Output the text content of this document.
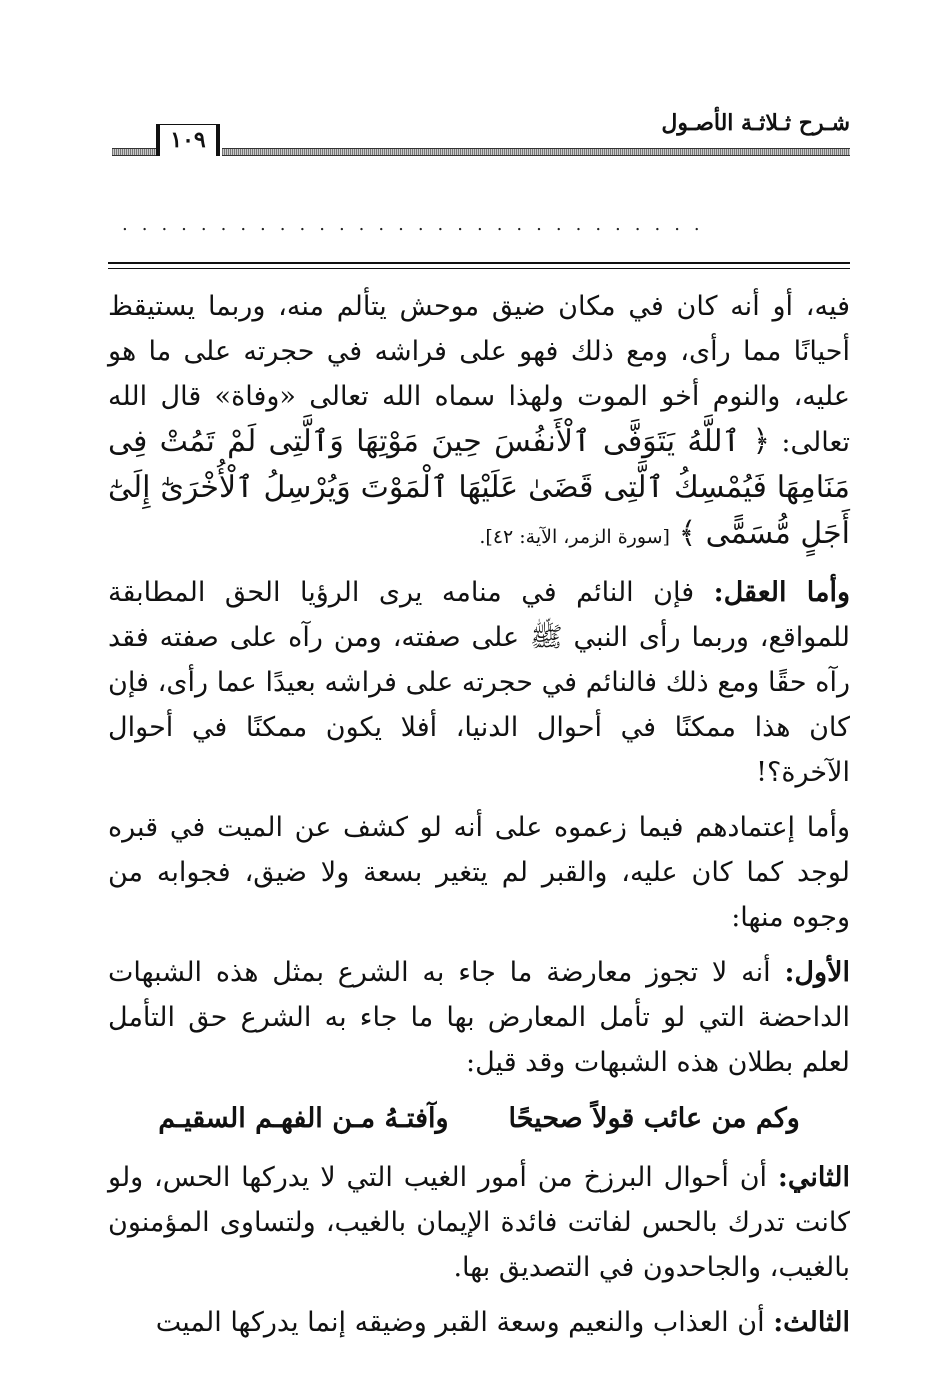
شـرح ثـلاثـة الأصـول
١٠٩
..............................

فيه، أو أنه كان في مكان ضيق موحش يتألم منه، وربما يستيقظ أحيانًا مما رأى، ومع ذلك فهو على فراشه في حجرته على ما هو عليه، والنوم أخو الموت ولهذا سماه الله تعالى «وفاة» قال الله تعالى: ﴿ ٱللَّهُ يَتَوَفَّى ٱلْأَنفُسَ حِينَ مَوْتِهَا وَٱلَّتِى لَمْ تَمُتْ فِى مَنَامِهَا فَيُمْسِكُ ٱلَّتِى قَضَىٰ عَلَيْهَا ٱلْمَوْتَ وَيُرْسِلُ ٱلْأُخْرَىٰٓ إِلَىٰٓ أَجَلٍ مُّسَمًّى ﴾ [سورة الزمر، الآية: ٤٢].

وأما العقل: فإن النائم في منامه يرى الرؤيا الحق المطابقة للمواقع، وربما رأى النبي ﷺ على صفته، ومن رآه على صفته فقد رآه حقًا ومع ذلك فالنائم في حجرته على فراشه بعيدًا عما رأى، فإن كان هذا ممكنًا في أحوال الدنيا، أفلا يكون ممكنًا في أحوال الآخرة؟!

وأما إعتمادهم فيما زعموه على أنه لو كشف عن الميت في قبره لوجد كما كان عليه، والقبر لم يتغير بسعة ولا ضيق، فجوابه من وجوه منها:

الأول: أنه لا تجوز معارضة ما جاء به الشرع بمثل هذه الشبهات الداحضة التي لو تأمل المعارض بها ما جاء به الشرع حق التأمل لعلم بطلان هذه الشبهات وقد قيل:

وكم من عائب قولاً صحيحًا
وآفتـهُ مـن الفهـم السقيـم

الثاني: أن أحوال البرزخ من أمور الغيب التي لا يدركها الحس، ولو كانت تدرك بالحس لفاتت فائدة الإيمان بالغيب، ولتساوى المؤمنون بالغيب، والجاحدون في التصديق بها.

الثالث: أن العذاب والنعيم وسعة القبر وضيقه إنما يدركها الميت
